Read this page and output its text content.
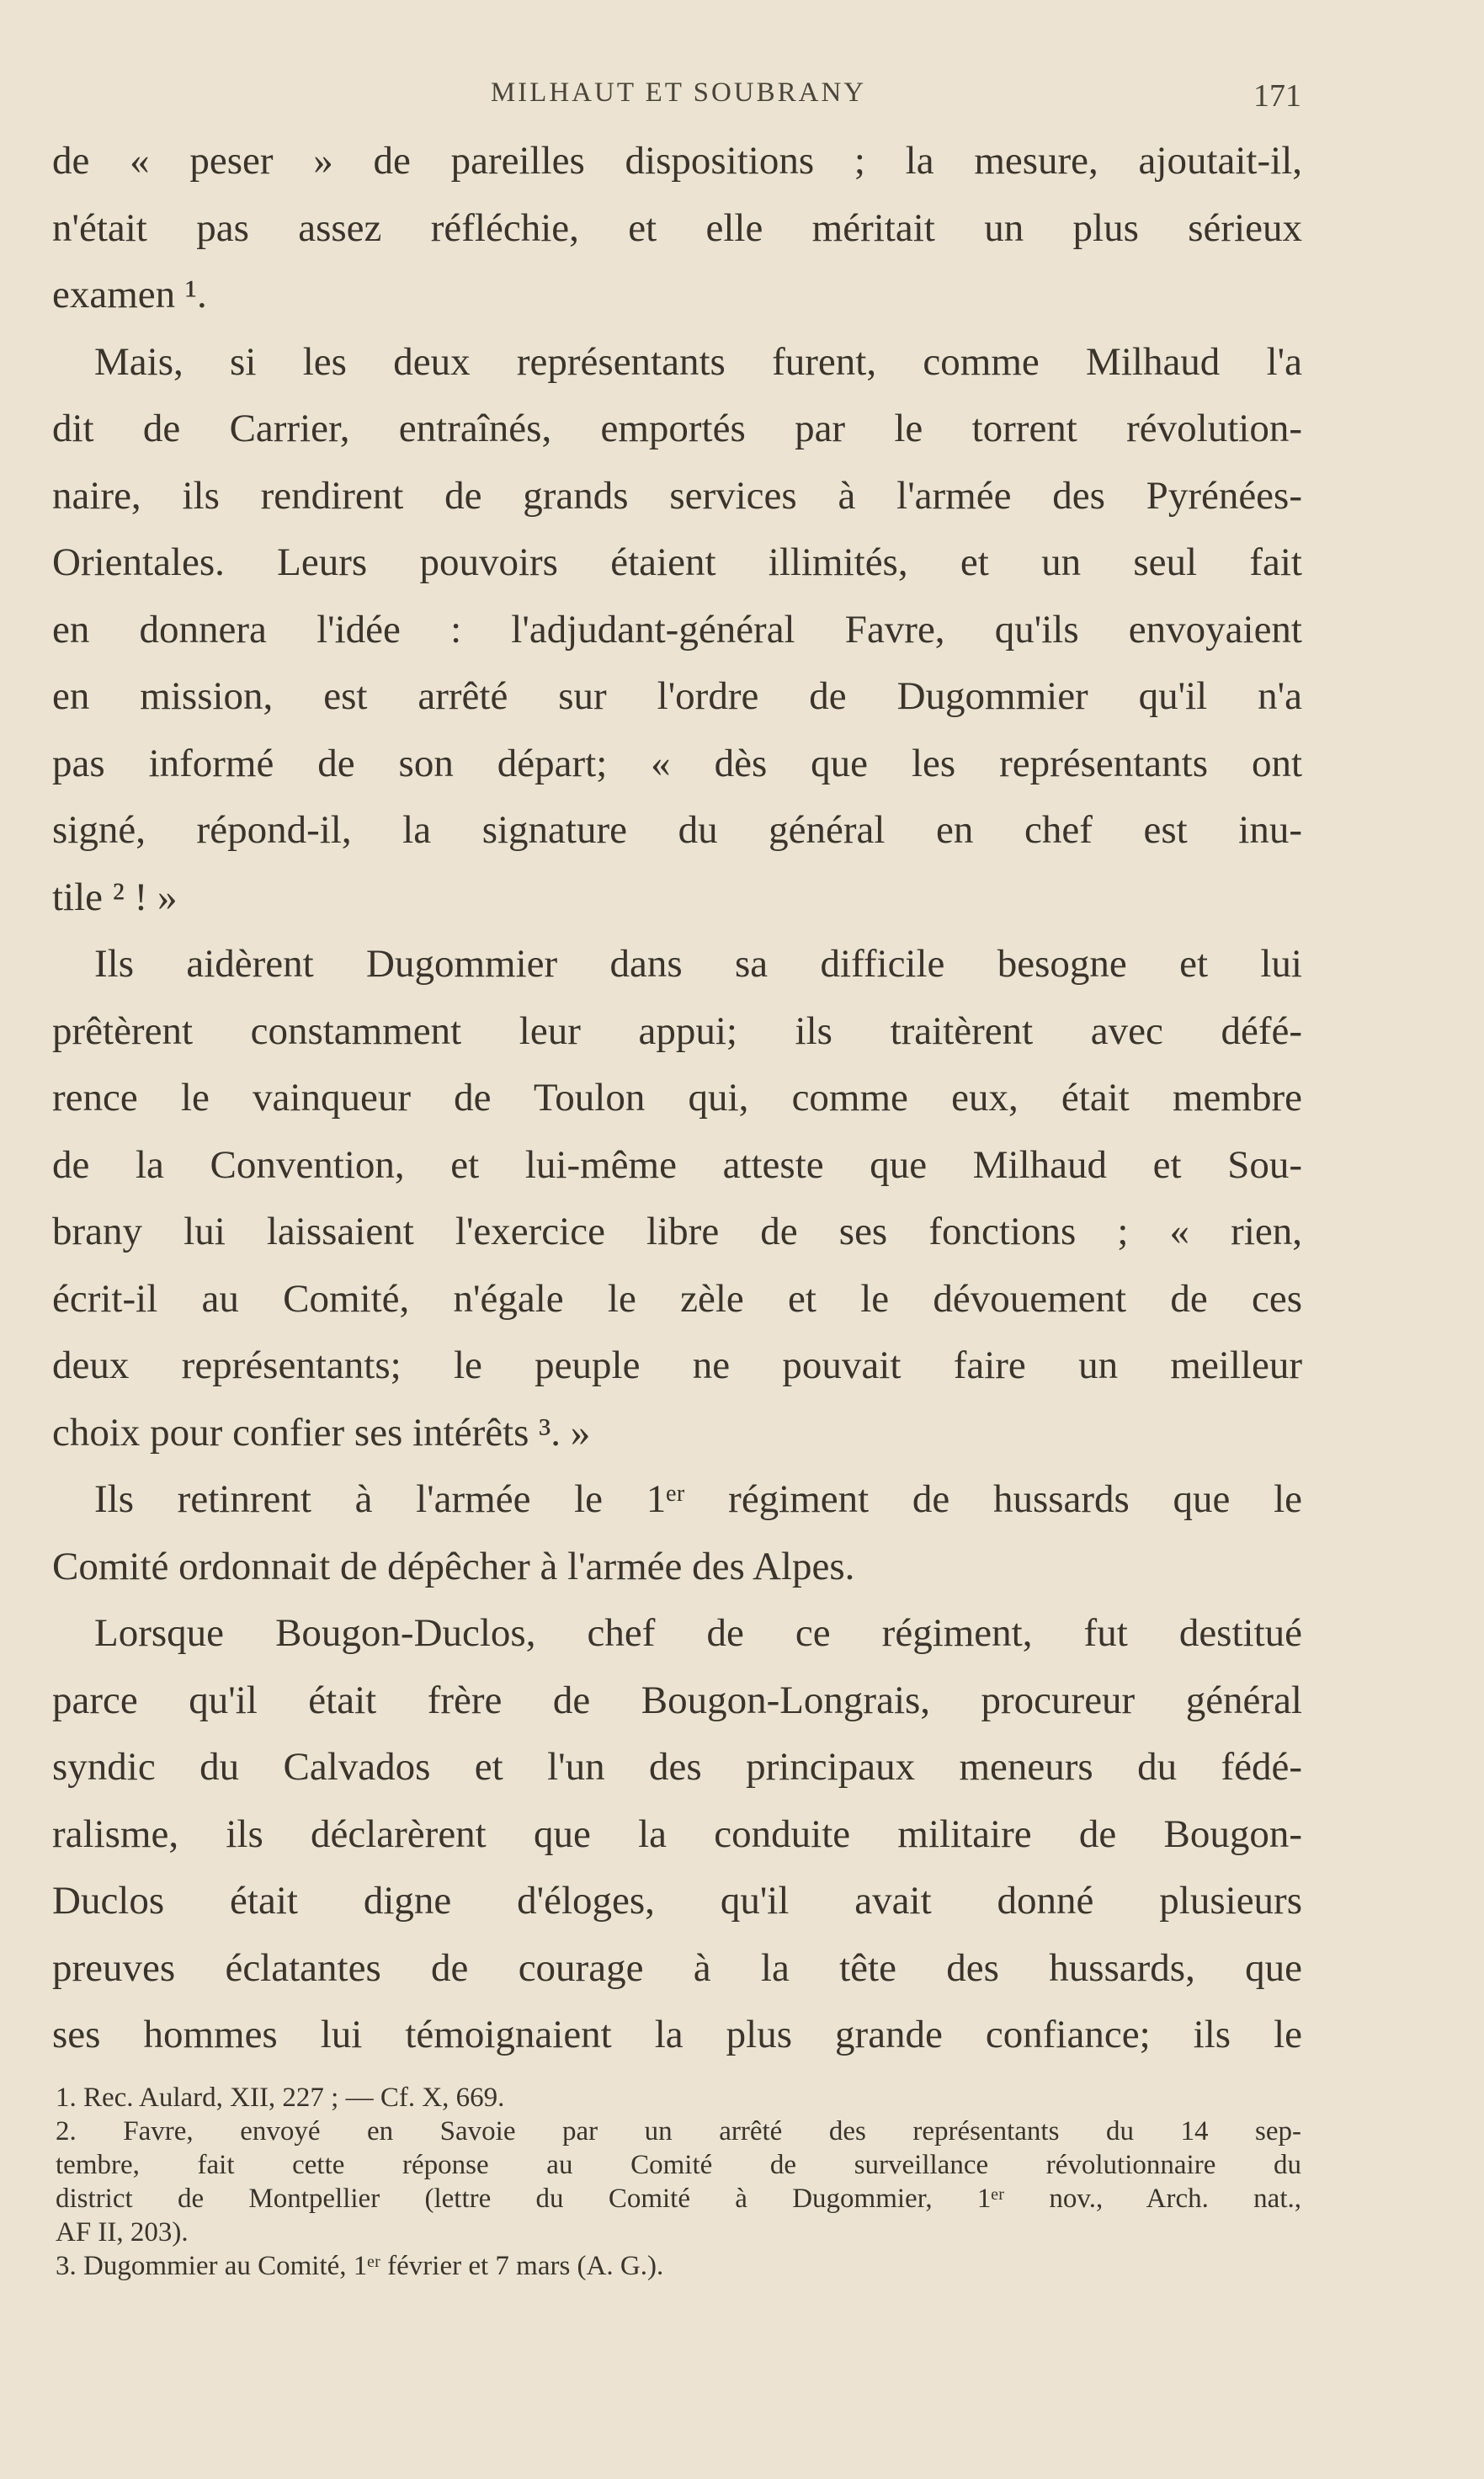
MILHAUT ET SOUBRANY	171
de « peser » de pareilles dispositions ; la mesure, ajoutait-il,
n'était pas assez réfléchie, et elle méritait un plus sérieux
examen ¹.
Mais, si les deux représentants furent, comme Milhaud l'a
dit de Carrier, entraînés, emportés par le torrent révolution-
naire, ils rendirent de grands services à l'armée des Pyrénées-
Orientales. Leurs pouvoirs étaient illimités, et un seul fait
en donnera l'idée : l'adjudant-général Favre, qu'ils envoyaient
en mission, est arrêté sur l'ordre de Dugommier qu'il n'a
pas informé de son départ; « dès que les représentants ont
signé, répond-il, la signature du général en chef est inu-
tile ² ! »
Ils aidèrent Dugommier dans sa difficile besogne et lui
prêtèrent constamment leur appui; ils traitèrent avec défé-
rence le vainqueur de Toulon qui, comme eux, était membre
de la Convention, et lui-même atteste que Milhaud et Sou-
brany lui laissaient l'exercice libre de ses fonctions ; « rien,
écrit-il au Comité, n'égale le zèle et le dévouement de ces
deux représentants; le peuple ne pouvait faire un meilleur
choix pour confier ses intérêts ³. »
Ils retinrent à l'armée le 1ᵉʳ régiment de hussards que le
Comité ordonnait de dépêcher à l'armée des Alpes.
Lorsque Bougon-Duclos, chef de ce régiment, fut destitué
parce qu'il était frère de Bougon-Longrais, procureur général
syndic du Calvados et l'un des principaux meneurs du fédé-
ralisme, ils déclarèrent que la conduite militaire de Bougon-
Duclos était digne d'éloges, qu'il avait donné plusieurs
preuves éclatantes de courage à la tête des hussards, que
ses hommes lui témoignaient la plus grande confiance; ils le
1. Rec. Aulard, XII, 227 ; — Cf. X, 669.
2. Favre, envoyé en Savoie par un arrêté des représentants du 14 sep-
tembre, fait cette réponse au Comité de surveillance révolutionnaire du
district de Montpellier (lettre du Comité à Dugommier, 1ᵉʳ nov., Arch. nat.,
AF II, 203).
3. Dugommier au Comité, 1ᵉʳ février et 7 mars (A. G.).
